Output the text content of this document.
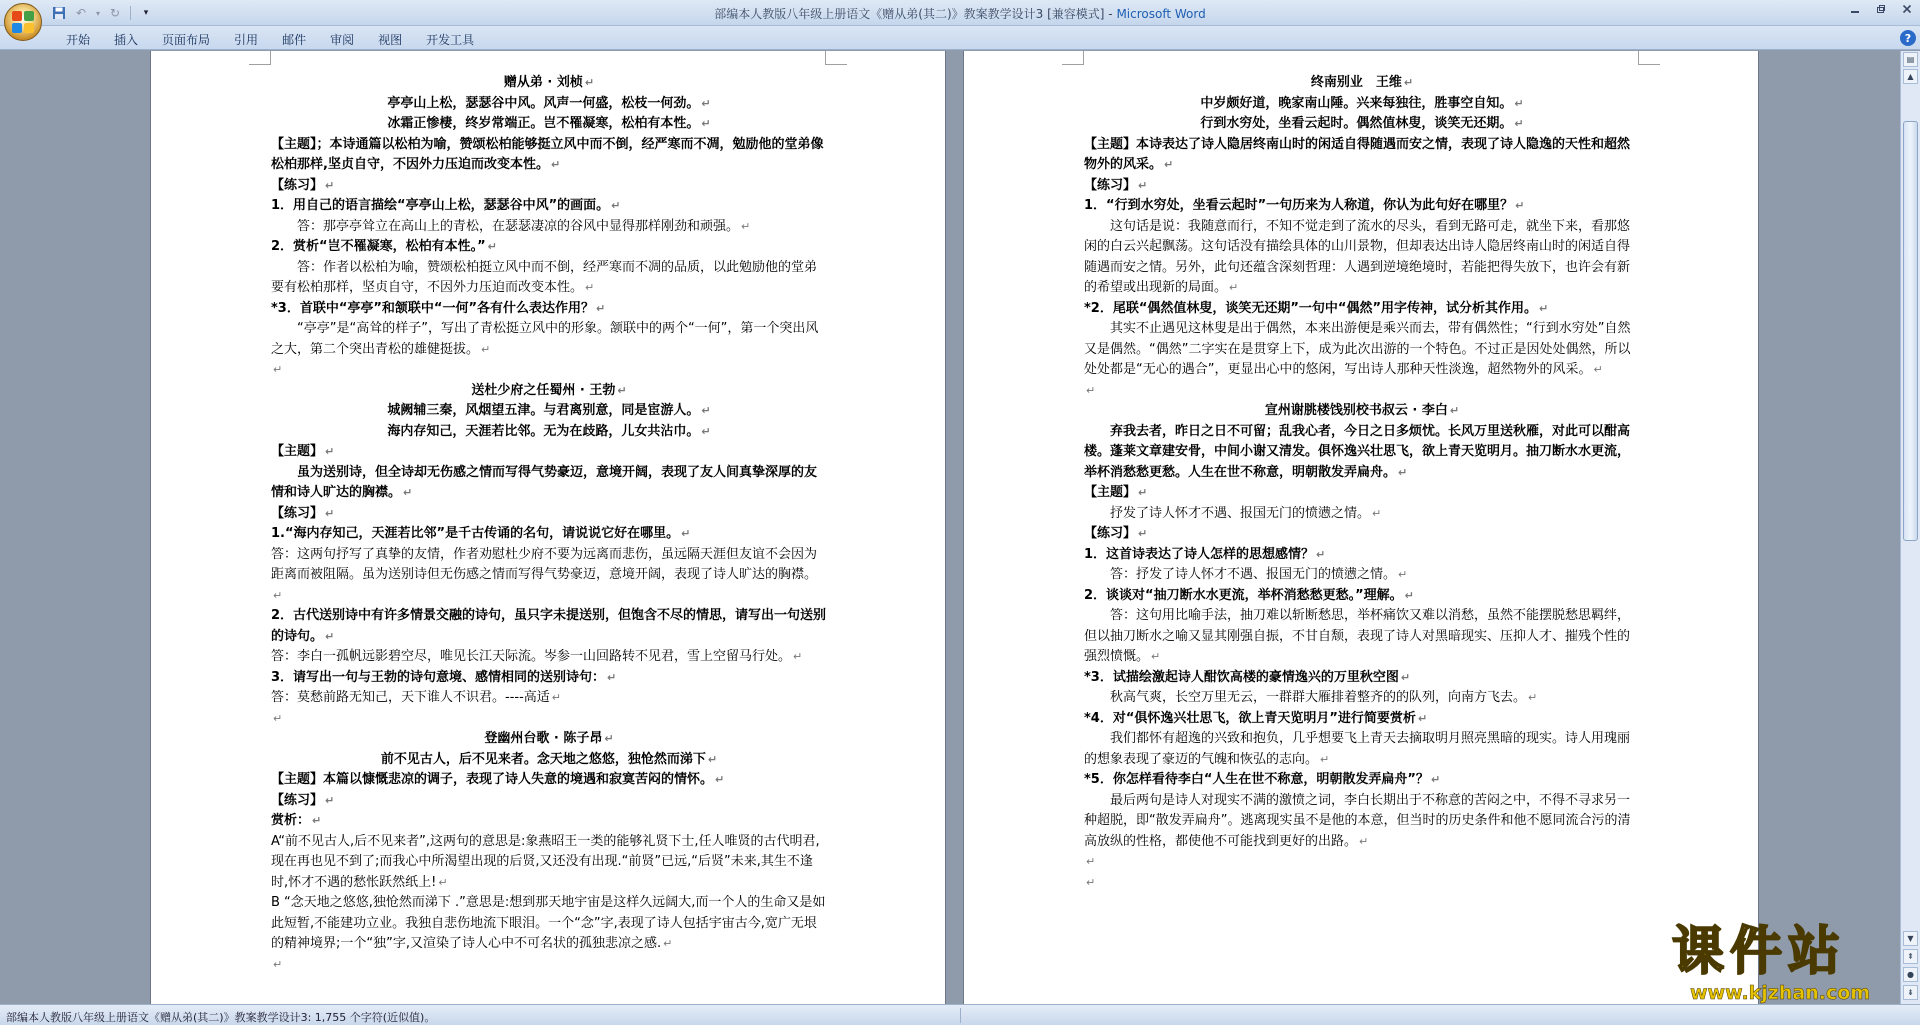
↶	▾ ↻	▾	部编本人教版八年级上册语文《赠从弟(其二)》教案教学设计3 [兼容模式] - Microsoft Word
开始	插入	页面布局	引用	邮件	审阅	视图	开发工具	?
赠从弟 · 刘桢 ↵
亭亭山上松，瑟瑟谷中风。风声一何盛，松枝一何劲。 ↵
冰霜正惨棲，终岁常端正。岂不罹凝寒，松柏有本性。 ↵
【主题】；本诗通篇以松柏为喻，赞颂松柏能够挺立风中而不倒，经严寒而不凋，勉励他的堂弟像松柏那样,坚贞自守，不因外力压迫而改变本性。 ↵
【练习】 ↵
1．用自己的语言描绘“亭亭山上松，瑟瑟谷中风”的画面。 ↵
答：那亭亭耸立在高山上的青松，在瑟瑟凄凉的谷风中显得那样刚劲和顽强。 ↵
2．赏析“岂不罹凝寒，松柏有本性。” ↵
答：作者以松柏为喻，赞颂松柏挺立风中而不倒，经严寒而不凋的品质，以此勉励他的堂弟要有松柏那样，坚贞自守，不因外力压迫而改变本性。 ↵
*3．首联中“亭亭”和颔联中“一何”各有什么表达作用？ ↵
“亭亭”是“高耸的样子”，写出了青松挺立风中的形象。颔联中的两个“一何”，第一个突出风之大，第二个突出青松的雄健挺拔。 ↵
↵
送杜少府之任蜀州 · 王勃 ↵
城阙辅三秦，风烟望五津。与君离别意，同是宦游人。 ↵
海内存知己，天涯若比邻。无为在歧路，儿女共沾巾。 ↵
【主题】 ↵
虽为送别诗，但全诗却无伤感之情而写得气势豪迈，意境开阔，表现了友人间真挚深厚的友情和诗人旷达的胸襟。 ↵
【练习】 ↵
1.“海内存知己，天涯若比邻”是千古传诵的名句，请说说它好在哪里。 ↵
答：这两句抒写了真挚的友情，作者劝慰杜少府不要为远离而悲伤，虽远隔天涯但友谊不会因为距离而被阻隔。虽为送别诗但无伤感之情而写得气势豪迈，意境开阔，表现了诗人旷达的胸襟。↵
2．古代送别诗中有许多情景交融的诗句，虽只字未提送别，但饱含不尽的情思，请写出一句送别的诗句。 ↵
答：李白一孤帆远影碧空尽，唯见长江天际流。岑参一山回路转不见君，雪上空留马行处。 ↵
3．请写出一句与王勃的诗句意境、感情相同的送别诗句： ↵
答：莫愁前路无知己，天下谁人不识君。----高适 ↵
↵
登幽州台歌 · 陈子昂 ↵
前不见古人，后不见来者。念天地之悠悠，独怆然而涕下 ↵
【主题】本篇以慷慨悲凉的调子，表现了诗人失意的境遇和寂寞苦闷的情怀。 ↵
【练习】 ↵
赏析： ↵
A“前不见古人,后不见来者”,这两句的意思是:象燕昭王一类的能够礼贤下士,任人唯贤的古代明君,现在再也见不到了;而我心中所渴望出现的后贤,又还没有出现.“前贤”已远,“后贤”未来,其生不逢时,怀才不遇的愁怅跃然纸上! ↵
B “念天地之悠悠,独怆然而涕下 .”意思是:想到那天地宇宙是这样久远阔大,而一个人的生命又是如此短暂,不能建功立业。我独自悲伤地流下眼泪。一个“念”字,表现了诗人包括宇宙古今,宽广无垠的精神境界;一个“独”字,又渲染了诗人心中不可名状的孤独悲凉之感. ↵
↵
终南别业　王维 ↵
中岁颇好道，晚家南山陲。兴来每独往，胜事空自知。 ↵
行到水穷处，坐看云起时。偶然值林叟，谈笑无还期。 ↵
【主题】本诗表达了诗人隐居终南山时的闲适自得随遇而安之情，表现了诗人隐逸的天性和超然物外的风采。 ↵
【练习】 ↵
1．“行到水穷处，坐看云起时”一句历来为人称道，你认为此句好在哪里？ ↵
这句话是说：我随意而行，不知不觉走到了流水的尽头，看到无路可走，就坐下来，看那悠闲的白云兴起飘荡。这句话没有描绘具体的山川景物，但却表达出诗人隐居终南山时的闲适自得随遇而安之情。另外，此句还蕴含深刻哲理：人遇到逆境绝境时，若能把得失放下，也许会有新的希望或出现新的局面。 ↵
*2．尾联“偶然值林叟，谈笑无还期”一句中“偶然”用字传神，试分析其作用。 ↵
其实不止遇见这林叟是出于偶然，本来出游便是乘兴而去，带有偶然性；“行到水穷处”自然又是偶然。“偶然”二字实在是贯穿上下，成为此次出游的一个特色。不过正是因处处偶然，所以处处都是“无心的遇合”，更显出心中的悠闲，写出诗人那种天性淡逸，超然物外的风采。 ↵
↵
宣州谢朓楼饯别校书叔云 · 李白 ↵
弃我去者，昨日之日不可留；乱我心者，今日之日多烦忧。长风万里送秋雁，对此可以酣高楼。蓬莱文章建安骨，中间小谢又清发。俱怀逸兴壮思飞，欲上青天览明月。抽刀断水水更流，举杯消愁愁更愁。人生在世不称意，明朝散发弄扁舟。 ↵
【主题】 ↵
抒发了诗人怀才不遇、报国无门的愤懑之情。 ↵
【练习】 ↵
1．这首诗表达了诗人怎样的思想感情？ ↵
答：抒发了诗人怀才不遇、报国无门的愤懑之情。 ↵
2．谈谈对“抽刀断水水更流，举杯消愁愁更愁。”理解。 ↵
答：这句用比喻手法，抽刀难以斩断愁思，举杯痛饮又难以消愁，虽然不能摆脱愁思羁绊，但以抽刀断水之喻又显其刚强自振，不甘自颓，表现了诗人对黑暗现实、压抑人才、摧残个性的强烈愤慨。 ↵
*3．试描绘激起诗人酣饮高楼的豪情逸兴的万里秋空图 ↵
秋高气爽，长空万里无云，一群群大雁排着整齐的的队列，向南方飞去。 ↵
*4．对“俱怀逸兴壮思飞，欲上青天览明月”进行简要赏析 ↵
我们都怀有超逸的兴致和抱负，几乎想要飞上青天去摘取明月照亮黑暗的现实。诗人用瑰丽的想象表现了豪迈的气魄和恢弘的志向。 ↵
*5．你怎样看待李白“人生在世不称意，明朝散发弄扁舟”？ ↵
最后两句是诗人对现实不满的激愤之词，李白长期出于不称意的苦闷之中，不得不寻求另一种超脱，即“散发弄扁舟”。逃离现实虽不是他的本意，但当时的历史条件和他不愿同流合污的清高放纵的性格，都使他不可能找到更好的出路。 ↵
↵
↵
▤
▲
▼
⇞
●
⇟
课件站
www.kjzhan.com
部编本人教版八年级上册语文《赠从弟(其二)》教案教学设计3: 1,755 个字符(近似值)。
